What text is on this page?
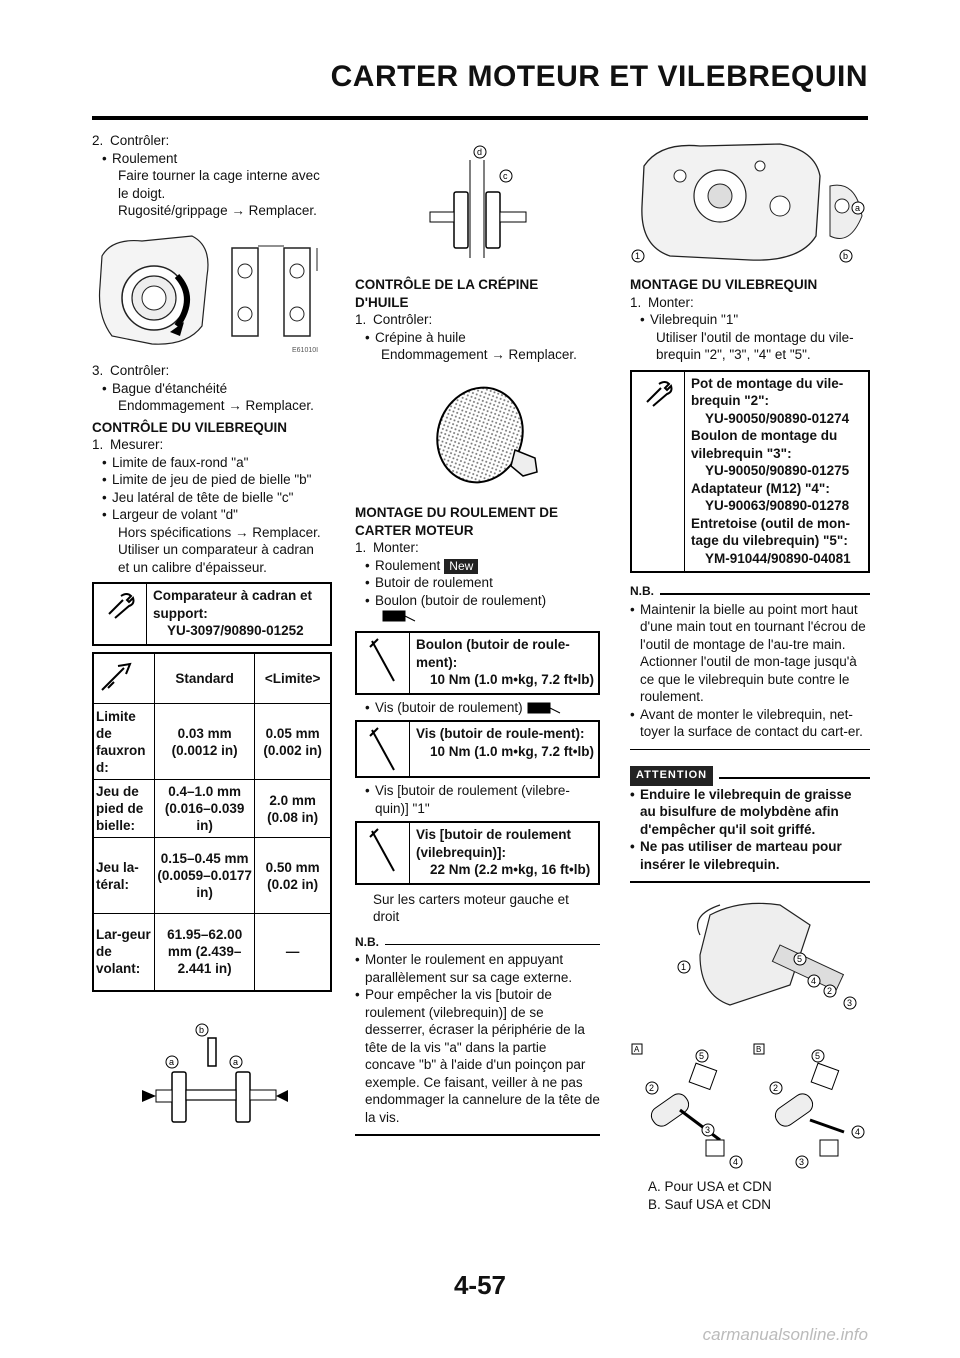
CARTER MOTEUR ET VILEBREQUIN
2. Contrôler:
• Roulement

Faire tourner la cage interne avec

le doigt.

Rugosité/grippage → Remplacer.

E61010I
3. Contrôler:
• Bague d'étanchéité

Endommagement → Remplacer.

CONTRÔLE DU VILEBREQUIN

1. Mesurer:
• Limite de faux-rond "a"
• Limite de jeu de pied de bielle "b"
• Jeu latéral de tête de bielle "c"
• Largeur de volant "d"

Hors spécifications → Remplacer.

Utiliser un comparateur à cadran

et un calibre d'épaisseur.

Comparateur à cadran et support:
YU-3097/90890-01252
	Standard	<Limite>
Limite de fauxron d:	0.03 mm (0.0012 in)	0.05 mm (0.002 in)
Jeu de pied de bielle:	0.4–1.0 mm (0.016–0.039 in)	2.0 mm (0.08 in)
Jeu la-téral:	0.15–0.45 mm (0.0059–0.0177 in)	0.50 mm (0.02 in)
Lar-geur de volant:	61.95–62.00 mm (2.439–2.441 in)	—
b
a	a
d
c

CONTRÔLE DE LA CRÉPINE

D'HUILE

1. Contrôler:
• Crépine à huile

Endommagement → Remplacer.

MONTAGE DU ROULEMENT DE

CARTER MOTEUR

1. Monter:
• Roulement New
• Butoir de roulement
• Boulon (butoir de roulement)
Boulon (butoir de roule-ment):
10 Nm (1.0 m•kg, 7.2 ft•lb)
• Vis (butoir de roulement)
Vis (butoir de roule-ment):
10 Nm (1.0 m•kg, 7.2 ft•lb)
• Vis [butoir de roulement (vilebre-quin)] "1"
Vis [butoir de roulement (vilebrequin)]:
22 Nm (2.2 m•kg, 16 ft•lb)

Sur les carters moteur gauche et

droit

N.B.
• Monter le roulement en appuyant parallèlement sur sa cage externe.
• Pour empêcher la vis [butoir de roulement (vilebrequin)] de se desserrer, écraser la périphérie de la tête de la vis "a" dans la partie concave "b" à l'aide d'un poinçon par exemple. Ce faisant, veiller à ne pas endommager la cannelure de la tête de la vis.
a
b
1

MONTAGE DU VILEBREQUIN

1. Monter:
• Vilebrequin "1"

Utiliser l'outil de montage du vile-

brequin "2", "3", "4" et "5".

Pot de montage du vile-brequin "2":
YU-90050/90890-01274
Boulon de montage du vilebrequin "3":
YU-90050/90890-01275
Adaptateur (M12) "4":
YU-90063/90890-01278
Entretoise (outil de mon-tage du vilebrequin) "5":
YM-91044/90890-04081
N.B.
• Maintenir la bielle au point mort haut d'une main tout en tournant l'écrou de l'outil de montage de l'au-tre main. Actionner l'outil de mon-tage jusqu'à ce que le vilebrequin bute contre le roulement.
• Avant de monter le vilebrequin, net-toyer la surface de contact du cart-er.
ATTENTION
• Enduire le vilebrequin de graisse au bisulfure de molybdène afin d'empêcher qu'il soit griffé.
• Ne pas utiliser de marteau pour insérer le vilebrequin.
1
5
4
2
3
A	B
5
2
3
4
5
2
4
3

A. Pour USA et CDN

B. Sauf USA et CDN

4-57
carmanualsonline.info
